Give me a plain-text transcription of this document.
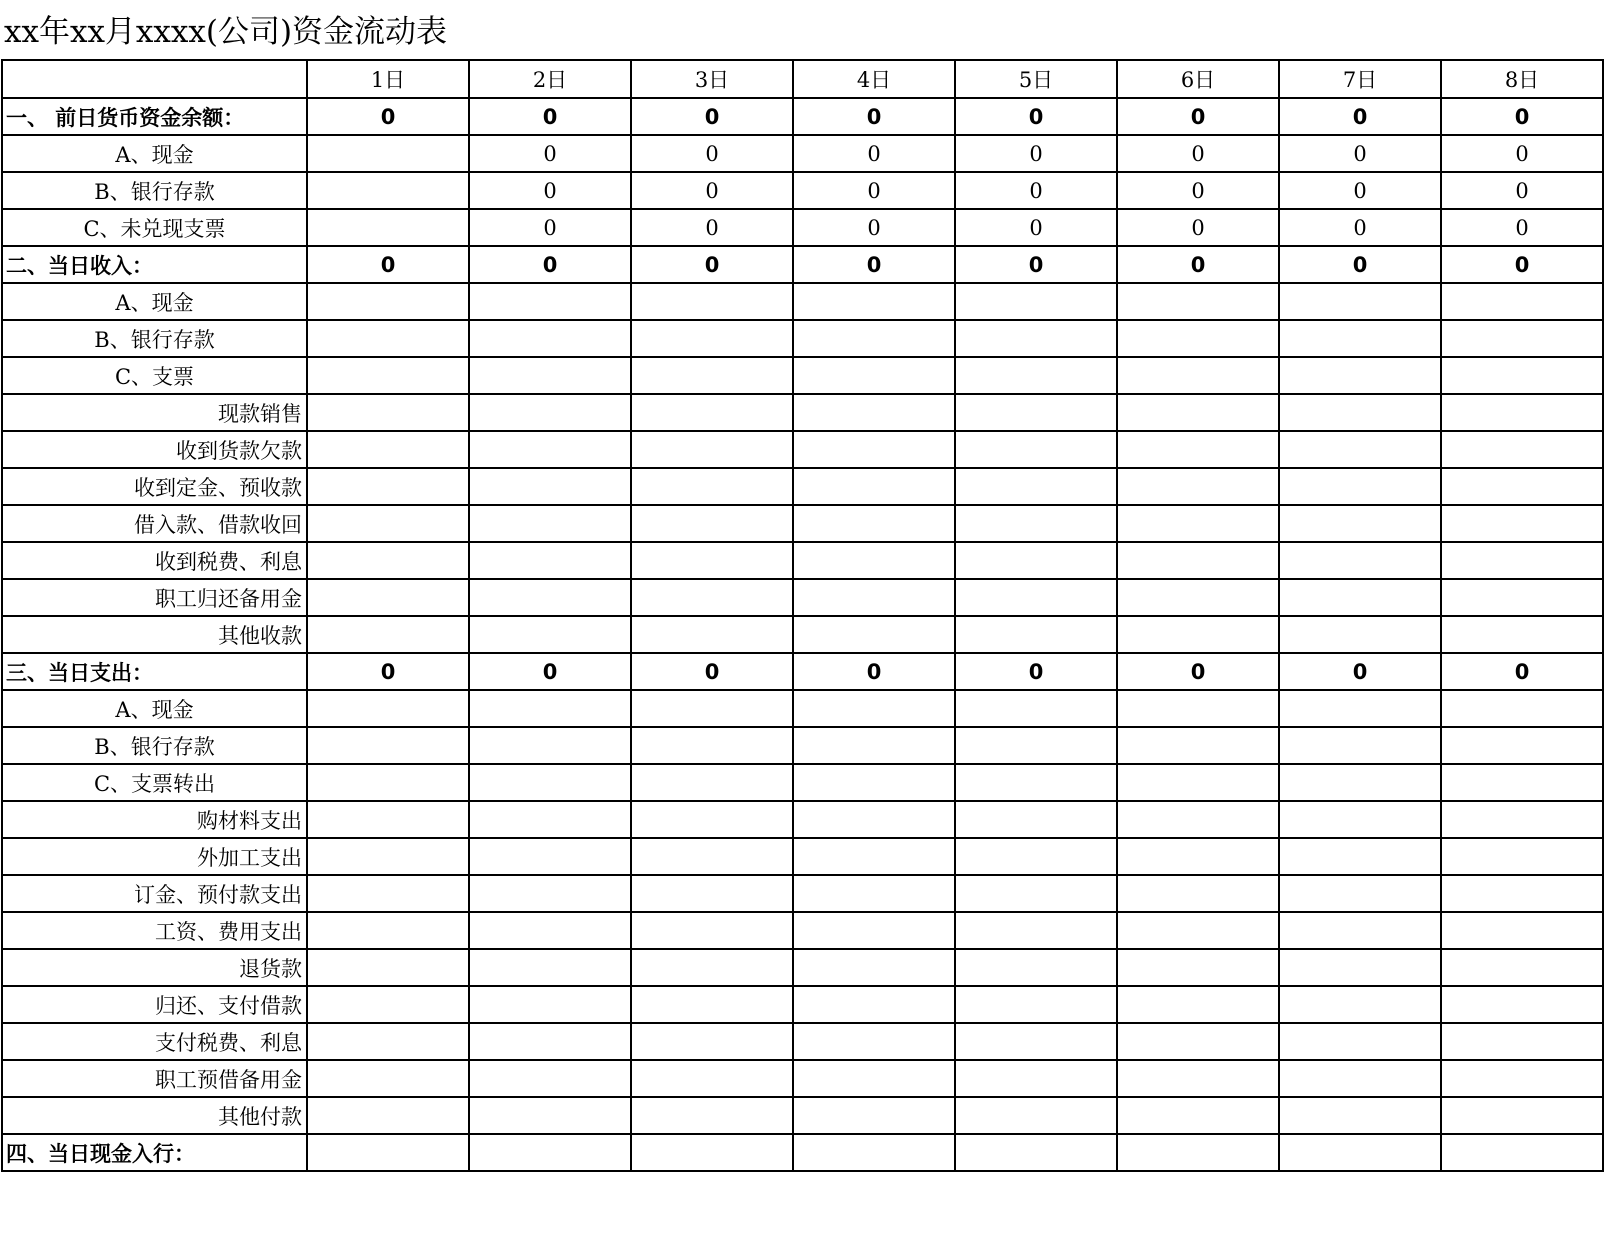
xx年xx月xxxx(公司)资金流动表
	1日	2日	3日	4日	5日	6日	7日	8日
一、 前日货币资金余额：	0	0	0	0	0	0	0	0
A、现金		0	0	0	0	0	0	0
B、银行存款		0	0	0	0	0	0	0
C、未兑现支票		0	0	0	0	0	0	0
二、当日收入：	0	0	0	0	0	0	0	0
A、现金								
B、银行存款								
C、支票								
现款销售								
收到货款欠款								
收到定金、预收款								
借入款、借款收回								
收到税费、利息								
职工归还备用金								
其他收款								
三、当日支出：	0	0	0	0	0	0	0	0
A、现金								
B、银行存款								
C、支票转出								
购材料支出								
外加工支出								
订金、预付款支出								
工资、费用支出								
退货款								
归还、支付借款								
支付税费、利息								
职工预借备用金								
其他付款								
四、当日现金入行：								
